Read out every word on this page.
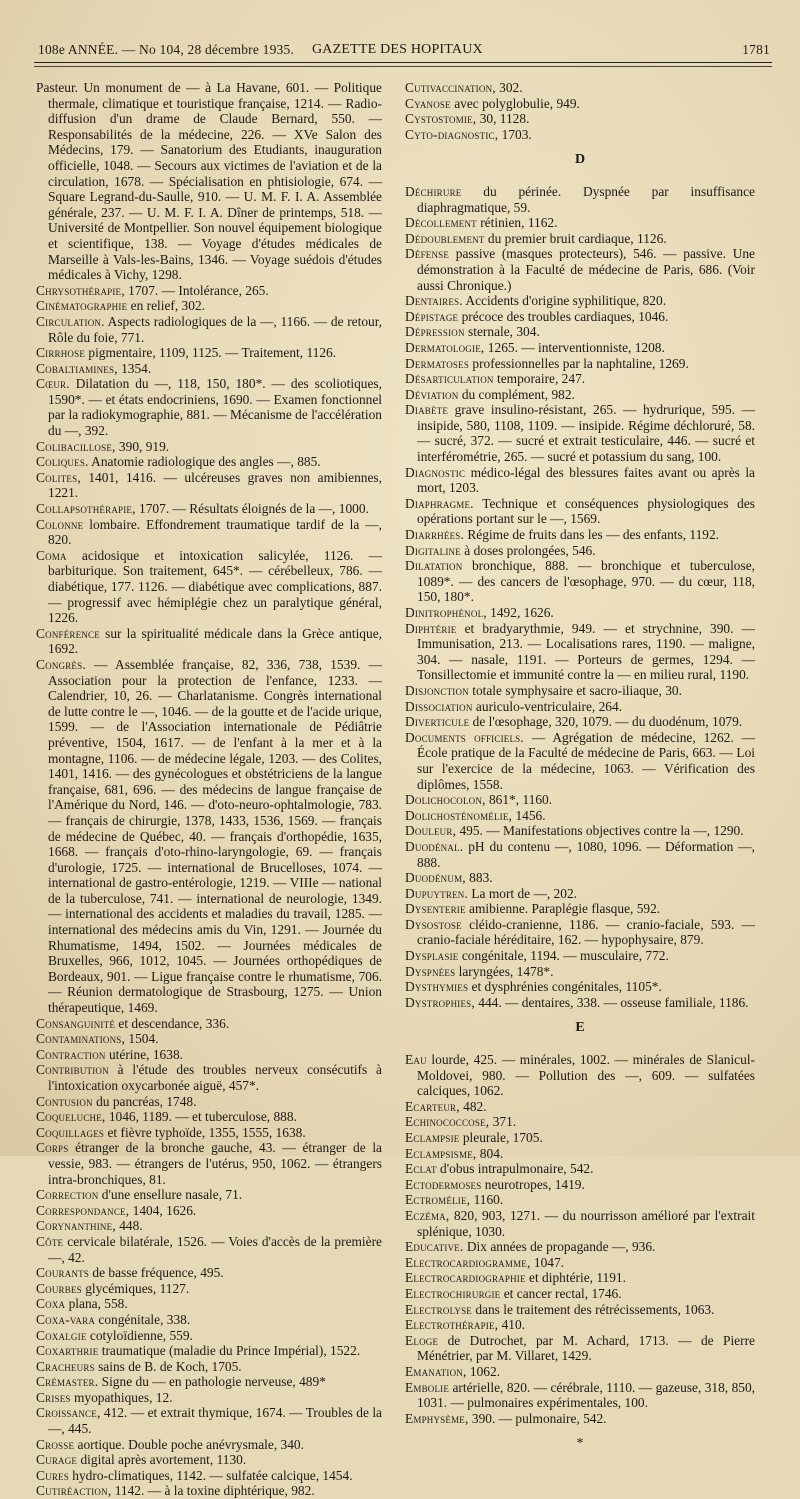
108e ANNÉE. — No 104, 28 décembre 1935. GAZETTE DES HOPITAUX	1781
Pasteur. Un monument de — à La Havane, 601. — Politique thermale, climatique et touristique française, 1214. — Radio-diffusion d'un drame de Claude Bernard, 550. — Responsabilités de la médecine, 226. — XVe Salon des Médecins, 179. — Sanatorium des Etudiants, inauguration officielle, 1048. — Secours aux victimes de l'aviation et de la circulation, 1678. — Spécialisation en phtisiologie, 674. — Square Legrand-du-Saulle, 910. — U. M. F. I. A. Assemblée générale, 237. — U. M. F. I. A. Dîner de printemps, 518. — Université de Montpellier. Son nouvel équipement biologique et scientifique, 138. — Voyage d'études médicales de Marseille à Vals-les-Bains, 1346. — Voyage suédois d'études médicales à Vichy, 1298.
Chrysothérapie, 1707. — Intolérance, 265.
Cinématographie en relief, 302.
Circulation. Aspects radiologiques de la —, 1166. — de retour, Rôle du foie, 771.
Cirrhose pigmentaire, 1109, 1125. — Traitement, 1126.
Cobaltiamines, 1354.
Cœur. Dilatation du —, 118, 150, 180*. — des scoliotiques, 1590*. — et états endocriniens, 1690. — Examen fonctionnel par la radiokymographie, 881. — Mécanisme de l'accélération du —, 392.
Colibacillose, 390, 919.
Coliques. Anatomie radiologique des angles —, 885.
Colites, 1401, 1416. — ulcéreuses graves non amibiennes, 1221.
Collapsothérapie, 1707. — Résultats éloignés de la —, 1000.
Colonne lombaire. Effondrement traumatique tardif de la —, 820.
Coma acidosique et intoxication salicylée, 1126. — barbiturique. Son traitement, 645*. — cérébelleux, 786. — diabétique, 177. 1126. — diabétique avec complications, 887. — progressif avec hémiplégie chez un paralytique général, 1226.
Conférence sur la spiritualité médicale dans la Grèce antique, 1692.
Congrès. — Assemblée française, 82, 336, 738, 1539. — Association pour la protection de l'enfance, 1233. — Calendrier, 10, 26. — Charlatanisme. Congrès international de lutte contre le —, 1046. — de la goutte et de l'acide urique, 1599. — de l'Association internationale de Pédiâtrie préventive, 1504, 1617. — de l'enfant à la mer et à la montagne, 1106. — de médecine légale, 1203. — des Colites, 1401, 1416. — des gynécologues et obstétriciens de la langue française, 681, 696. — des médecins de langue française de l'Amérique du Nord, 146. — d'oto-neuro-ophtalmologie, 783. — français de chirurgie, 1378, 1433, 1536, 1569. — français de médecine de Québec, 40. — français d'orthopédie, 1635, 1668. — français d'oto-rhino-laryngologie, 69. — français d'urologie, 1725. — international de Brucelloses, 1074. — international de gastro-entérologie, 1219. — VIIIe — national de la tuberculose, 741. — international de neurologie, 1349. — international des accidents et maladies du travail, 1285. — international des médecins amis du Vin, 1291. — Journée du Rhumatisme, 1494, 1502. — Journées médicales de Bruxelles, 966, 1012, 1045. — Journées orthopédiques de Bordeaux, 901. — Ligue française contre le rhumatisme, 706. — Réunion dermatologique de Strasbourg, 1275. — Union thérapeutique, 1469.
Consanguinité et descendance, 336.
Contaminations, 1504.
Contraction utérine, 1638.
Contribution à l'étude des troubles nerveux consécutifs à l'intoxication oxycarbonée aiguë, 457*.
Contusion du pancréas, 1748.
Coqueluche, 1046, 1189. — et tuberculose, 888.
Coquillages et fièvre typhoïde, 1355, 1555, 1638.
Corps étranger de la bronche gauche, 43. — étranger de la vessie, 983. — étrangers de l'utérus, 950, 1062. — étrangers intra-bronchiques, 81.
Correction d'une ensellure nasale, 71.
Correspondance, 1404, 1626.
Corynanthine, 448.
Côte cervicale bilatérale, 1526. — Voies d'accès de la première —, 42.
Courants de basse fréquence, 495.
Courbes glycémiques, 1127.
Coxa plana, 558.
Coxa-vara congénitale, 338.
Coxalgie cotyloïdienne, 559.
Coxarthrie traumatique (maladie du Prince Impérial), 1522.
Cracheurs sains de B. de Koch, 1705.
Crémaster. Signe du — en pathologie nerveuse, 489*
Crises myopathiques, 12.
Croissance, 412. — et extrait thymique, 1674. — Troubles de la —, 445.
Crosse aortique. Double poche anévrysmale, 340.
Curage digital après avortement, 1130.
Cures hydro-climatiques, 1142. — sulfatée calcique, 1454.
Cutiréaction, 1142. — à la toxine diphtérique, 982.
Cutivaccination, 302.
Cyanose avec polyglobulie, 949.
Cystostomie, 30, 1128.
Cyto-diagnostic, 1703.
D
Déchirure du périnée. Dyspnée par insuffisance diaphragmatique, 59.
Décollement rétinien, 1162.
Dédoublement du premier bruit cardiaque, 1126.
Défense passive (masques protecteurs), 546. — passive. Une démonstration à la Faculté de médecine de Paris, 686. (Voir aussi Chronique.)
Dentaires. Accidents d'origine syphilitique, 820.
Dépistage précoce des troubles cardiaques, 1046.
Dépression sternale, 304.
Dermatologie, 1265. — interventionniste, 1208.
Dermatoses professionnelles par la naphtaline, 1269.
Désarticulation temporaire, 247.
Déviation du complément, 982.
Diabète grave insulino-résistant, 265. — hydrurique, 595. — insipide, 580, 1108, 1109. — insipide. Régime déchloruré, 58. — sucré, 372. — sucré et extrait testiculaire, 446. — sucré et interférométrie, 265. — sucré et potassium du sang, 100.
Diagnostic médico-légal des blessures faites avant ou après la mort, 1203.
Diaphragme. Technique et conséquences physiologiques des opérations portant sur le —, 1569.
Diarrhées. Régime de fruits dans les — des enfants, 1192.
Digitaline à doses prolongées, 546.
Dilatation bronchique, 888. — bronchique et tuberculose, 1089*. — des cancers de l'œsophage, 970. — du cœur, 118, 150, 180*.
Dinitrophénol, 1492, 1626.
Diphtérie et bradyarythmie, 949. — et strychnine, 390. — Immunisation, 213. — Localisations rares, 1190. — maligne, 304. — nasale, 1191. — Porteurs de germes, 1294. — Tonsillectomie et immunité contre la — en milieu rural, 1190.
Disjonction totale symphysaire et sacro-iliaque, 30.
Dissociation auriculo-ventriculaire, 264.
Diverticule de l'œsophage, 320, 1079. — du duodénum, 1079.
Documents officiels. — Agrégation de médecine, 1262. — École pratique de la Faculté de médecine de Paris, 663. — Loi sur l'exercice de la médecine, 1063. — Vérification des diplômes, 1558.
Dolichocolon, 861*, 1160.
Dolichosténomélie, 1456.
Douleur, 495. — Manifestations objectives contre la —, 1290.
Duodénal. pH du contenu —, 1080, 1096. — Déformation —, 888.
Duodénum, 883.
Dupuytren. La mort de —, 202.
Dysenterie amibienne. Paraplégie flasque, 592.
Dysostose cléido-cranienne, 1186. — cranio-faciale, 593. — cranio-faciale héréditaire, 162. — hypophysaire, 879.
Dysplasie congénitale, 1194. — musculaire, 772.
Dyspnées laryngées, 1478*.
Dysthymies et dysphrénies congénitales, 1105*.
Dystrophies, 444. — dentaires, 338. — osseuse familiale, 1186.
E
Eau lourde, 425. — minérales, 1002. — minérales de Slanicul-Moldovei, 980. — Pollution des —, 609. — sulfatées calciques, 1062.
Ecarteur, 482.
Echinococcose, 371.
Eclampsie pleurale, 1705.
Eclampsisme, 804.
Eclat d'obus intrapulmonaire, 542.
Ectodermoses neurotropes, 1419.
Ectromélie, 1160.
Eczéma, 820, 903, 1271. — du nourrisson amélioré par l'extrait splénique, 1030.
Educative. Dix années de propagande —, 936.
Electrocardiogramme, 1047.
Electrocardiographie et diphtérie, 1191.
Electrochirurgie et cancer rectal, 1746.
Electrolyse dans le traitement des rétrécissements, 1063.
Electrothérapie, 410.
Eloge de Dutrochet, par M. Achard, 1713. — de Pierre Ménétrier, par M. Villaret, 1429.
Emanation, 1062.
Embolie artérielle, 820. — cérébrale, 1110. — gazeuse, 318, 850, 1031. — pulmonaires expérimentales, 100.
Emphysème, 390. — pulmonaire, 542.
*
